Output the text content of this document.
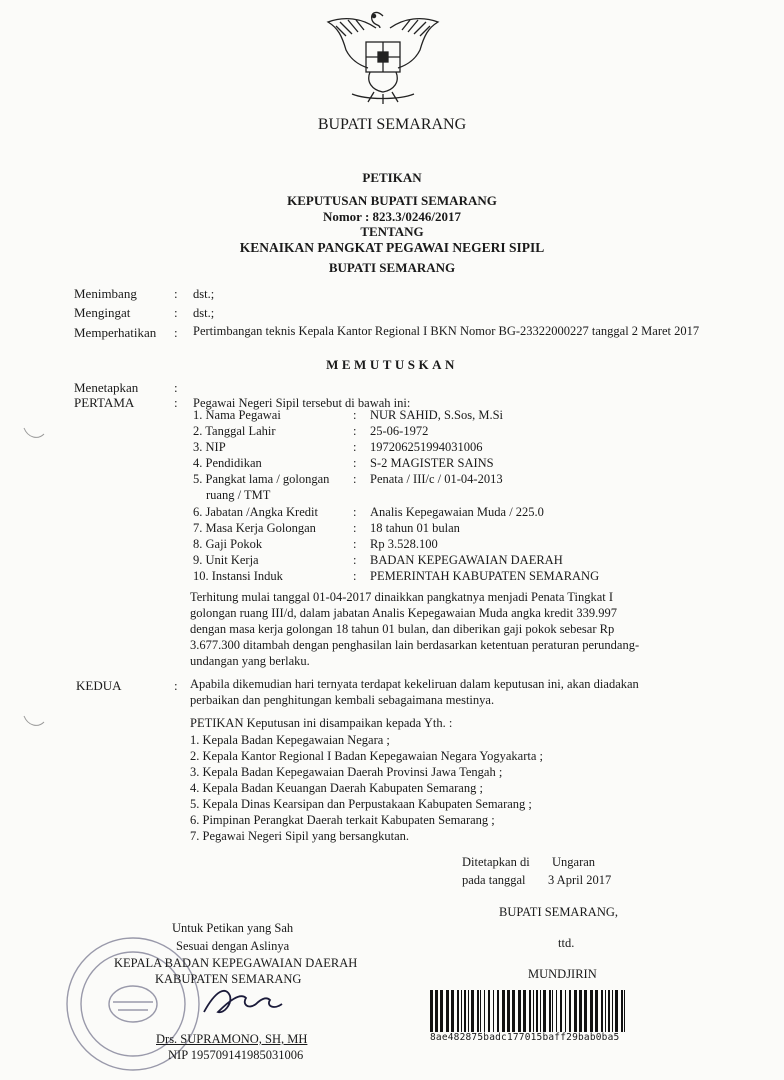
BUPATI SEMARANG
PETIKAN
KEPUTUSAN BUPATI SEMARANG
Nomor : 823.3/0246/2017
TENTANG
KENAIKAN PANGKAT PEGAWAI NEGERI SIPIL
BUPATI SEMARANG
Menimbang	: dst.;
Mengingat	: dst.;
Memperhatikan : Pertimbangan teknis Kepala Kantor Regional I BKN Nomor BG-23322000227 tanggal 2 Maret 2017
MEMUTUSKAN
Menetapkan	:
PERTAMA	: Pegawai Negeri Sipil tersebut di bawah ini:
1. Nama Pegawai	: NUR SAHID, S.Sos, M.Si
2. Tanggal Lahir	: 25-06-1972
3. NIP	: 197206251994031006
4. Pendidikan	: S-2 MAGISTER SAINS
5. Pangkat lama / golongan
ruang / TMT
: Penata / III/c / 01-04-2013
6. Jabatan /Angka Kredit	: Analis Kepegawaian Muda / 225.0
7. Masa Kerja Golongan	: 18 tahun 01 bulan
8. Gaji Pokok	: Rp 3.528.100
9. Unit Kerja	: BADAN KEPEGAWAIAN DAERAH
10. Instansi Induk	: PEMERINTAH KABUPATEN SEMARANG
Terhitung mulai tanggal 01-04-2017 dinaikkan pangkatnya menjadi Penata Tingkat I
golongan ruang III/d, dalam jabatan Analis Kepegawaian Muda angka kredit 339.997
dengan masa kerja golongan 18 tahun 01 bulan, dan diberikan gaji pokok sebesar Rp
3.677.300 ditambah dengan penghasilan lain berdasarkan ketentuan peraturan perundang-
undangan yang berlaku.
KEDUA	: Apabila dikemudian hari ternyata terdapat kekeliruan dalam keputusan ini, akan diadakan
perbaikan dan penghitungan kembali sebagaimana mestinya.
PETIKAN Keputusan ini disampaikan kepada Yth. :
1. Kepala Badan Kepegawaian Negara ;
2. Kepala Kantor Regional I Badan Kepegawaian Negara Yogyakarta ;
3. Kepala Badan Kepegawaian Daerah Provinsi Jawa Tengah ;
4. Kepala Badan Keuangan Daerah Kabupaten Semarang ;
5. Kepala Dinas Kearsipan dan Perpustakaan Kabupaten Semarang ;
6. Pimpinan Perangkat Daerah terkait Kabupaten Semarang ;
7. Pegawai Negeri Sipil yang bersangkutan.
Ditetapkan di Ungaran
pada tanggal 3 April 2017
BUPATI SEMARANG,
ttd.
MUNDJIRIN
Untuk Petikan yang Sah
Sesuai dengan Aslinya
KEPALA BADAN KEPEGAWAIAN DAERAH
KABUPATEN SEMARANG
Drs. SUPRAMONO, SH, MH
NIP 195709141985031006
8ae482875badc177015baff29bab0ba5
